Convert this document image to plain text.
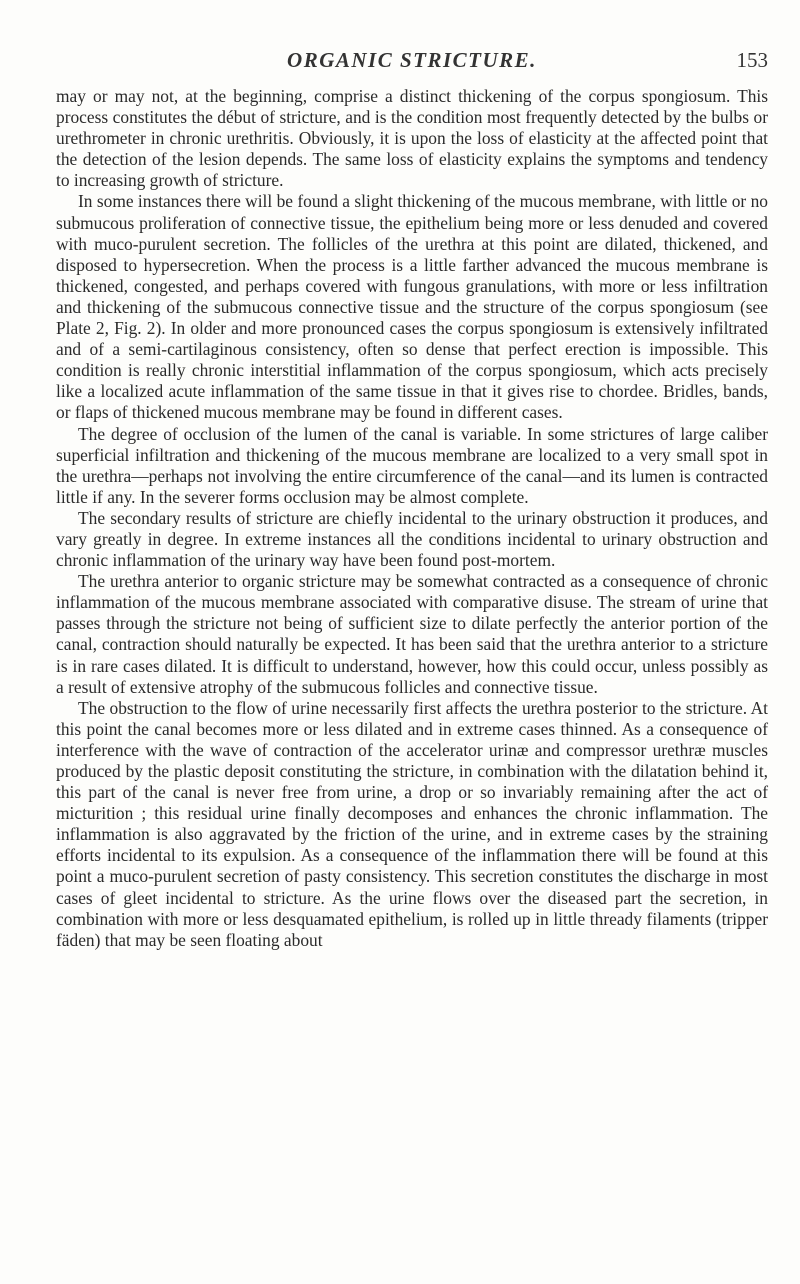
ORGANIC STRICTURE.	153

may or may not, at the beginning, comprise a distinct thickening of the corpus spongiosum. This process constitutes the début of stricture, and is the condition most frequently detected by the bulbs or urethrometer in chronic urethritis. Obviously, it is upon the loss of elasticity at the affected point that the detection of the lesion depends. The same loss of elasticity explains the symptoms and tendency to increasing growth of stricture.

In some instances there will be found a slight thickening of the mucous membrane, with little or no submucous proliferation of connective tissue, the epithelium being more or less denuded and covered with muco-purulent secretion. The follicles of the urethra at this point are dilated, thickened, and disposed to hypersecretion. When the process is a little farther advanced the mucous membrane is thickened, congested, and perhaps covered with fungous granulations, with more or less infiltration and thickening of the submucous connective tissue and the structure of the corpus spongiosum (see Plate 2, Fig. 2). In older and more pronounced cases the corpus spongiosum is extensively infiltrated and of a semi-cartilaginous consistency, often so dense that perfect erection is impossible. This condition is really chronic interstitial inflammation of the corpus spongiosum, which acts precisely like a localized acute inflammation of the same tissue in that it gives rise to chordee. Bridles, bands, or flaps of thickened mucous membrane may be found in different cases.

The degree of occlusion of the lumen of the canal is variable. In some strictures of large caliber superficial infiltration and thickening of the mucous membrane are localized to a very small spot in the urethra—perhaps not involving the entire circumference of the canal—and its lumen is contracted little if any. In the severer forms occlusion may be almost complete.

The secondary results of stricture are chiefly incidental to the urinary obstruction it produces, and vary greatly in degree. In extreme instances all the conditions incidental to urinary obstruction and chronic inflammation of the urinary way have been found post-mortem.

The urethra anterior to organic stricture may be somewhat contracted as a consequence of chronic inflammation of the mucous membrane associated with comparative disuse. The stream of urine that passes through the stricture not being of sufficient size to dilate perfectly the anterior portion of the canal, contraction should naturally be expected. It has been said that the urethra anterior to a stricture is in rare cases dilated. It is difficult to understand, however, how this could occur, unless possibly as a result of extensive atrophy of the submucous follicles and connective tissue.

The obstruction to the flow of urine necessarily first affects the urethra posterior to the stricture. At this point the canal becomes more or less dilated and in extreme cases thinned. As a consequence of interference with the wave of contraction of the accelerator urinæ and compressor urethræ muscles produced by the plastic deposit constituting the stricture, in combination with the dilatation behind it, this part of the canal is never free from urine, a drop or so invariably remaining after the act of micturition ; this residual urine finally decomposes and enhances the chronic inflammation. The inflammation is also aggravated by the friction of the urine, and in extreme cases by the straining efforts incidental to its expulsion. As a consequence of the inflammation there will be found at this point a muco-purulent secretion of pasty consistency. This secretion constitutes the discharge in most cases of gleet incidental to stricture. As the urine flows over the diseased part the secretion, in combination with more or less desquamated epithelium, is rolled up in little thready filaments (tripper fäden) that may be seen floating about
